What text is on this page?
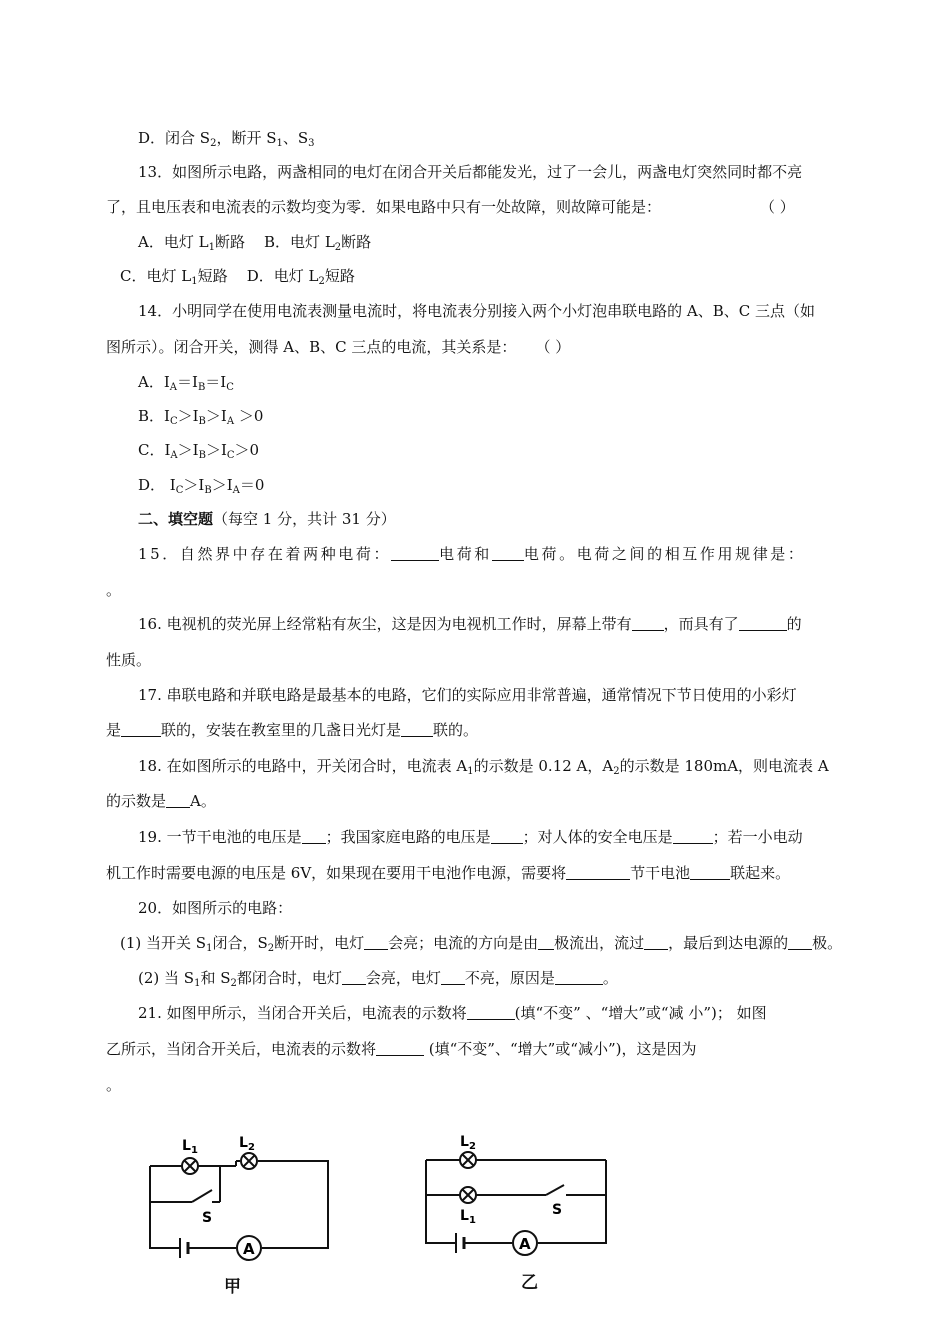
D．闭合 $S_2$，断开 $S_1$、$S_3$
13．如图所示电路，两盏相同的电灯在闭合开关后都能发光，过了一会儿，两盏电灯突然同时都不亮
了，且电压表和电流表的示数均变为零．如果电路中只有一处故障，则故障可能是：	（ ）
A．电灯 $L_1$断路 B．电灯 $L_2$断路
C．电灯 $L_1$短路 D．电灯 $L_2$短路
14．小明同学在使用电流表测量电流时，将电流表分别接入两个小灯泡串联电路的 A、B、C 三点（如
图所示）。闭合开关，测得 A、B、C 三点的电流，其关系是： （ ）
A．$I_A=I_B=I_C$
B．$I_C>I_B>I_A >0$
C．$I_A>I_B>I_C>0$
D． $I_C>I_B>I_A=0$
二、填空题（每空 1 分，共计 31 分）
15．自然界中存在着两种电荷：	电荷和 电荷。电荷之间的相互作用规律是：
。
16. 电视机的荧光屏上经常粘有灰尘，这是因为电视机工作时，屏幕上带有 ，而具有了	的
性质。
17. 串联电路和并联电路是最基本的电路，它们的实际应用非常普遍，通常情况下节日使用的小彩灯
是	联的，安装在教室里的几盏日光灯是 联的。
18. 在如图所示的电路中，开关闭合时，电流表 $A_1$的示数是 0.12 A，$A_2$的示数是 180mA，则电流表 A
的示数是 A。
19. 一节干电池的电压是 ；我国家庭电路的电压是 ；对人体的安全电压是	；若一小电动
机工作时需要电源的电压是 6V，如果现在要用干电池作电源，需要将	节干电池	联起来。
20．如图所示的电路：
(1) 当开关 $S_1$闭合，$S_2$断开时，电灯 会亮；电流的方向是由 极流出，流过 ，最后到达电源的 极。
(2) 当 $S_1$和 $S_2$都闭合时，电灯 会亮，电灯 不亮，原因是	。
21. 如图甲所示，当闭合开关后，电流表的示数将	(填“不变” 、“增大”或“减 小”)； 如图
乙所示，当闭合开关后，电流表的示数将	(填“不变”、“增大”或“减小”)，这是因为
。
A
L 1	L 2
S
甲
A
L 2
L 1
S
乙
